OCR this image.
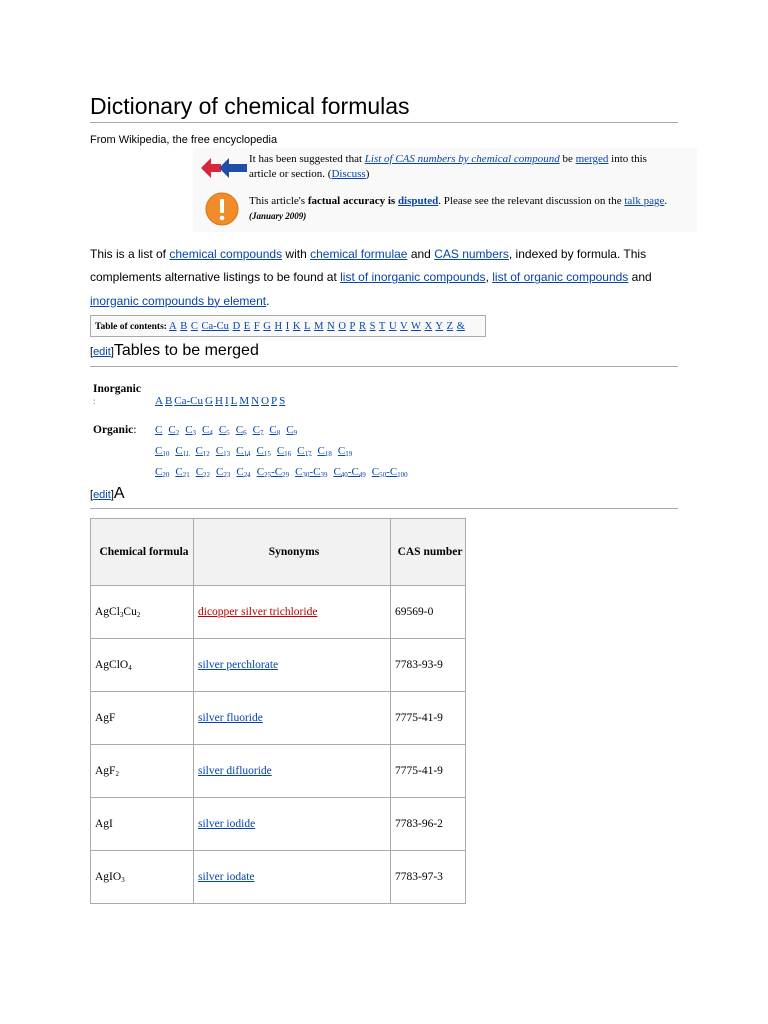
Dictionary of chemical formulas
From Wikipedia, the free encyclopedia
It has been suggested that List of CAS numbers by chemical compound be merged into this article or section. (Discuss)
This article's factual accuracy is disputed. Please see the relevant discussion on the talk page. (January 2009)
This is a list of chemical compounds with chemical formulae and CAS numbers, indexed by formula. This complements alternative listings to be found at list of inorganic compounds, list of organic compounds and inorganic compounds by element.
Table of contents: A B C Ca-Cu D E F G H I K L M N O P R S T U V W X Y Z &
[edit]Tables to be merged
Inorganic
:	A B Ca-Cu G H I L M N O P S
Organic: C $C_2$ $C_3$ $C_4$ $C_5$ $C_6$ $C_7$ $C_8$ $C_9$
$C_{10}$ $C_{11}$ $C_{12}$ $C_{13}$ $C_{14}$ $C_{15}$ $C_{16}$ $C_{17}$ $C_{18}$ $C_{19}$
$C_{20}$ $C_{21}$ $C_{22}$ $C_{23}$ $C_{24}$ $C_{25}-C_{29}$ $C_{30}-C_{39}$ $C_{40}-C_{49}$ $C_{50}-C_{100}$
[edit]A
Chemical formula	Synonyms	CAS number
$AgCl_3Cu_2$	dicopper silver trichloride	69569-0
AgClO$_4$	silver perchlorate	7783-93-9
AgF	silver fluoride	7775-41-9
AgF$_2$	silver difluoride	7775-41-9
AgI	silver iodide	7783-96-2
AgIO$_3$	silver iodate	7783-97-3
